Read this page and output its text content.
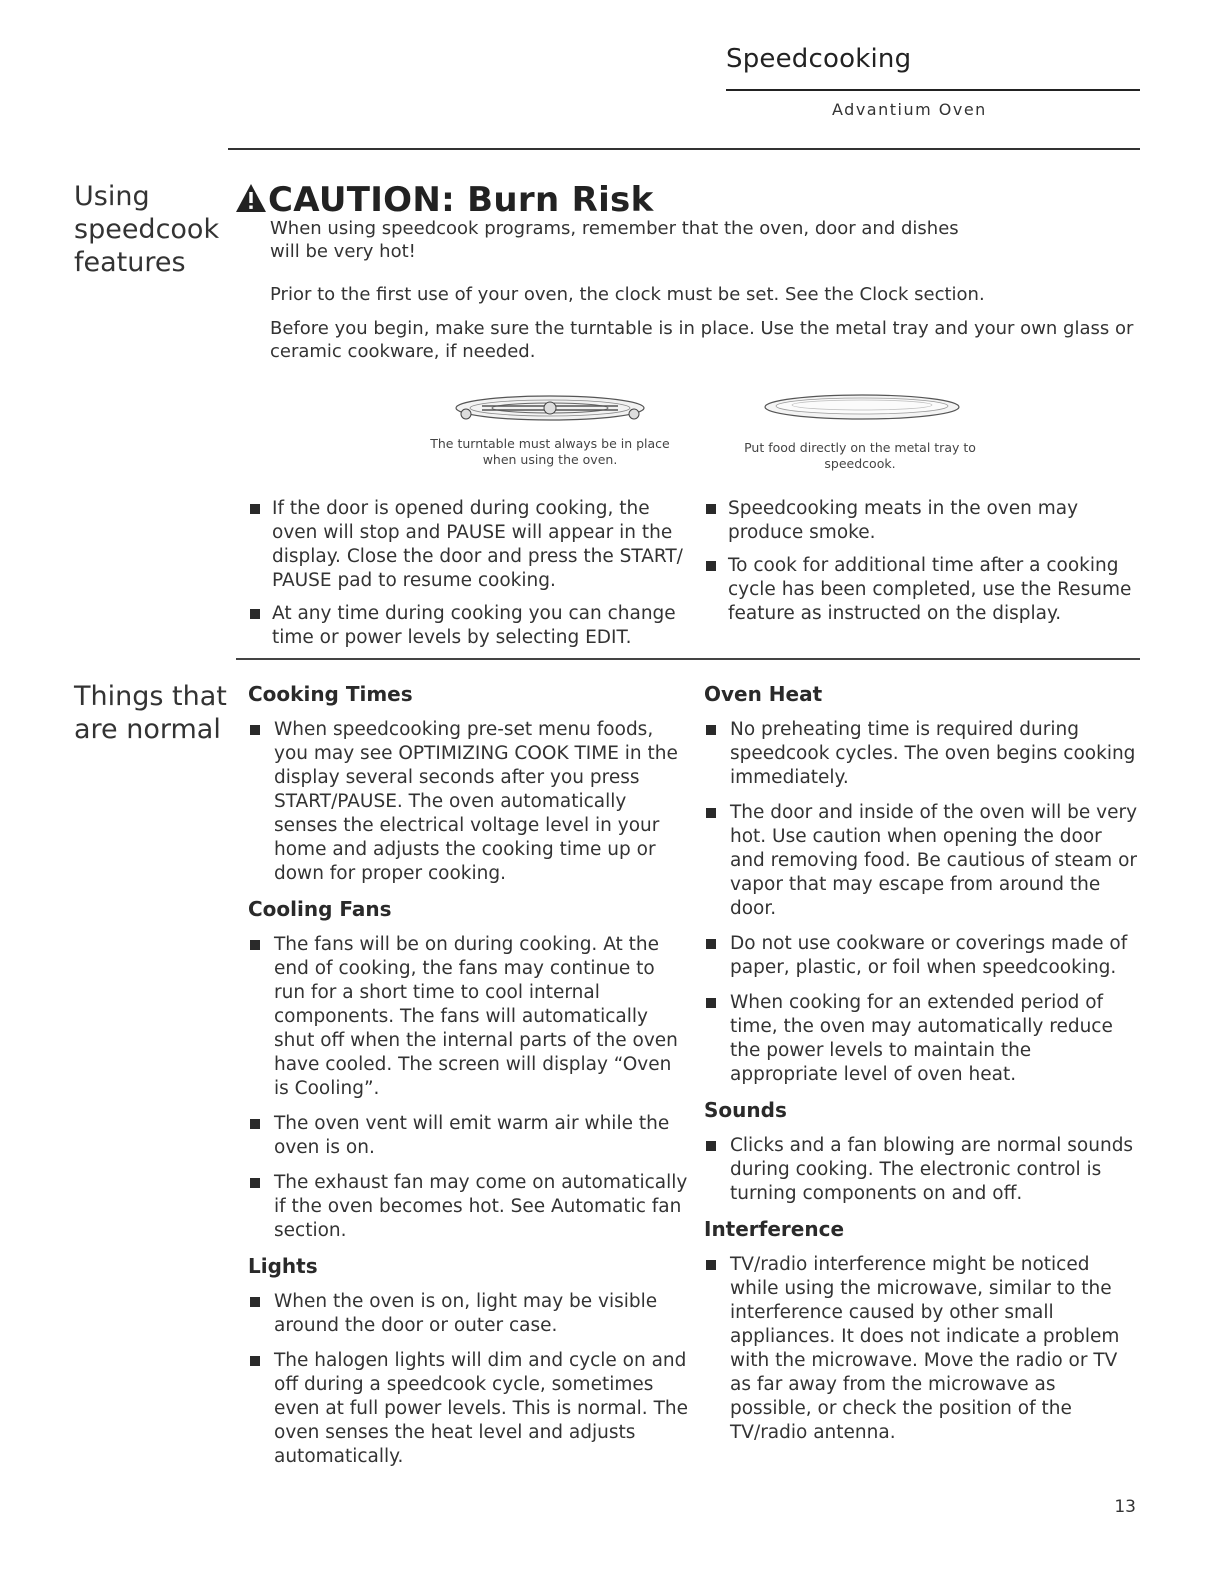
Speedcooking
Advantium Oven
Using
speedcook
features
Things that
are normal
CAUTION: Burn Risk
When using speedcook programs, remember that the oven, door and dishes will be very hot!
Prior to the first use of your oven, the clock must be set. See the Clock section.
Before you begin, make sure the turntable is in place. Use the metal tray and your own glass or ceramic cookware, if needed.
The turntable must always be in place when using the oven.
Put food directly on the metal tray to speedcook.
If the door is opened during cooking, the oven will stop and PAUSE will appear in the display. Close the door and press the START/ PAUSE pad to resume cooking.
At any time during cooking you can change time or power levels by selecting EDIT.
Speedcooking meats in the oven may produce smoke.
To cook for additional time after a cooking cycle has been completed, use the Resume feature as instructed on the display.
Cooking Times
When speedcooking pre-set menu foods, you may see OPTIMIZING COOK TIME in the display several seconds after you press START/PAUSE. The oven automatically senses the electrical voltage level in your home and adjusts the cooking time up or down for proper cooking.
Cooling Fans
The fans will be on during cooking. At the end of cooking, the fans may continue to run for a short time to cool internal components. The fans will automatically shut off when the internal parts of the oven have cooled. The screen will display “Oven is Cooling”.
The oven vent will emit warm air while the oven is on.
The exhaust fan may come on automatically if the oven becomes hot. See Automatic fan section.
Lights
When the oven is on, light may be visible around the door or outer case.
The halogen lights will dim and cycle on and off during a speedcook cycle, sometimes even at full power levels. This is normal. The oven senses the heat level and adjusts automatically.
Oven Heat
No preheating time is required during speedcook cycles. The oven begins cooking immediately.
The door and inside of the oven will be very hot. Use caution when opening the door and removing food. Be cautious of steam or vapor that may escape from around the door.
Do not use cookware or coverings made of paper, plastic, or foil when speedcooking.
When cooking for an extended period of time, the oven may automatically reduce the power levels to maintain the appropriate level of oven heat.
Sounds
Clicks and a fan blowing are normal sounds during cooking. The electronic control is turning components on and off.
Interference
TV/radio interference might be noticed while using the microwave, similar to the interference caused by other small appliances. It does not indicate a problem with the microwave. Move the radio or TV as far away from the microwave as possible, or check the position of the TV/radio antenna.
13
